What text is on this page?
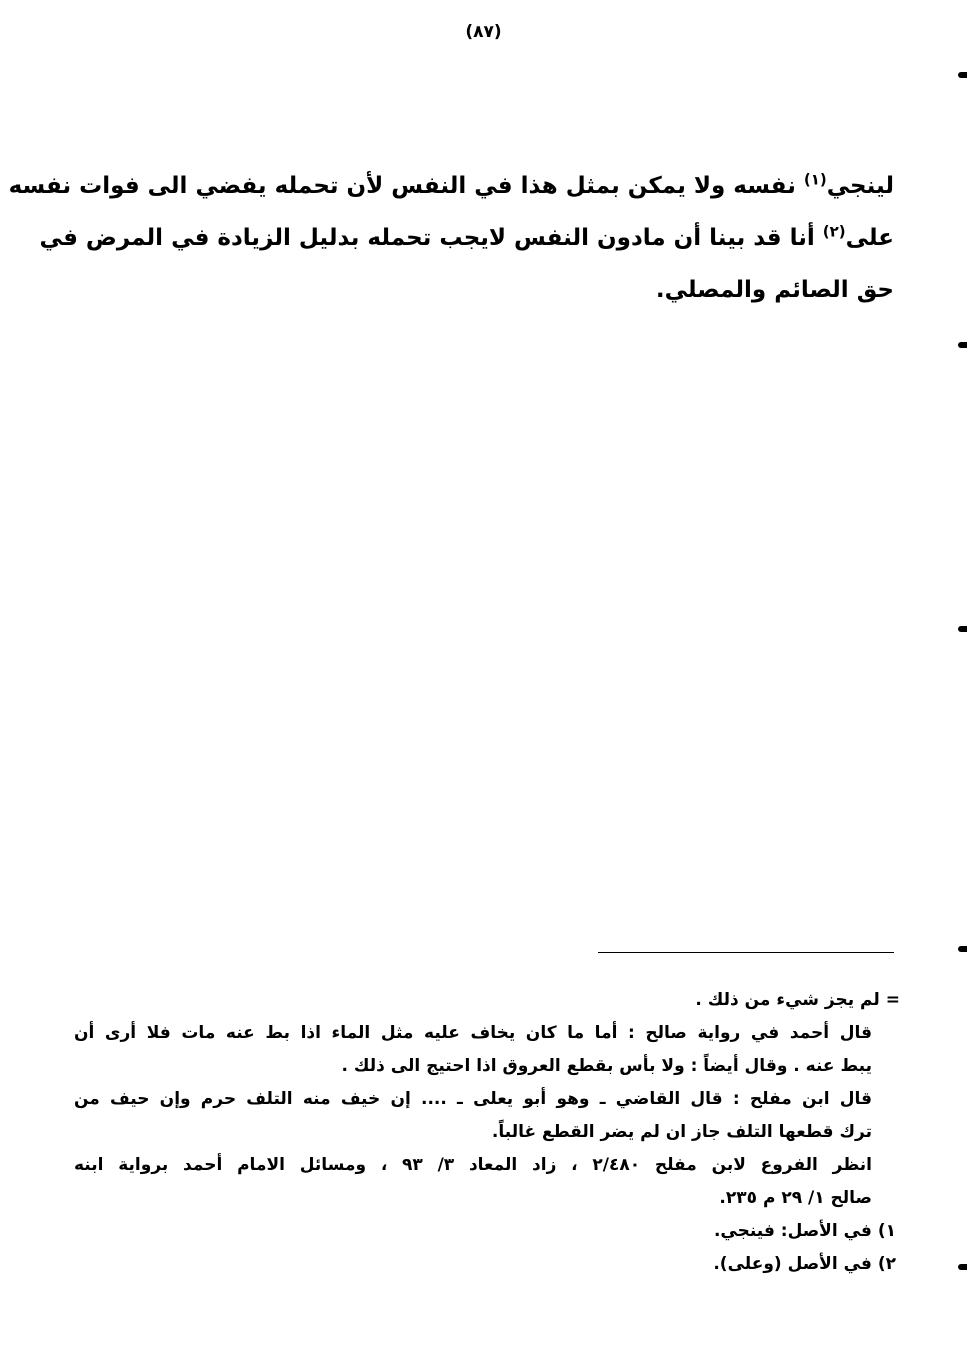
(٨٧)
لينجي$^{(١)}$ نفسه ولا يمكن بمثل هذا في النفس لأن تحمله يفضي الى فوات نفسه
على$^{(٢)}$ أنا قد بينا أن مادون النفس لايجب تحمله بدليل الزيادة في المرض في
حق الصائم والمصلي.
=لم يجز شيء من ذلك .
قال أحمد في رواية صالح : أما ما كان يخاف عليه مثل الماء اذا بط عنه مات فلا أرى أن
يبط عنه . وقال أيضاً : ولا بأس بقطع العروق اذا احتيج الى ذلك .
قال ابن مفلح : قال القاضي ـ وهو أبو يعلى ـ .... إن خيف منه التلف حرم وإن حيف من
ترك قطعها التلف جاز ان لم يضر القطع غالباً.
انظر الفروع لابن مفلح ٢/٤٨٠ ، زاد المعاد ٣/ ٩٣ ، ومسائل الامام أحمد برواية ابنه
صالح ١/ ٢٩ م ٢٣٥.
١) في الأصل: فينجي.
٢) في الأصل (وعلى).
